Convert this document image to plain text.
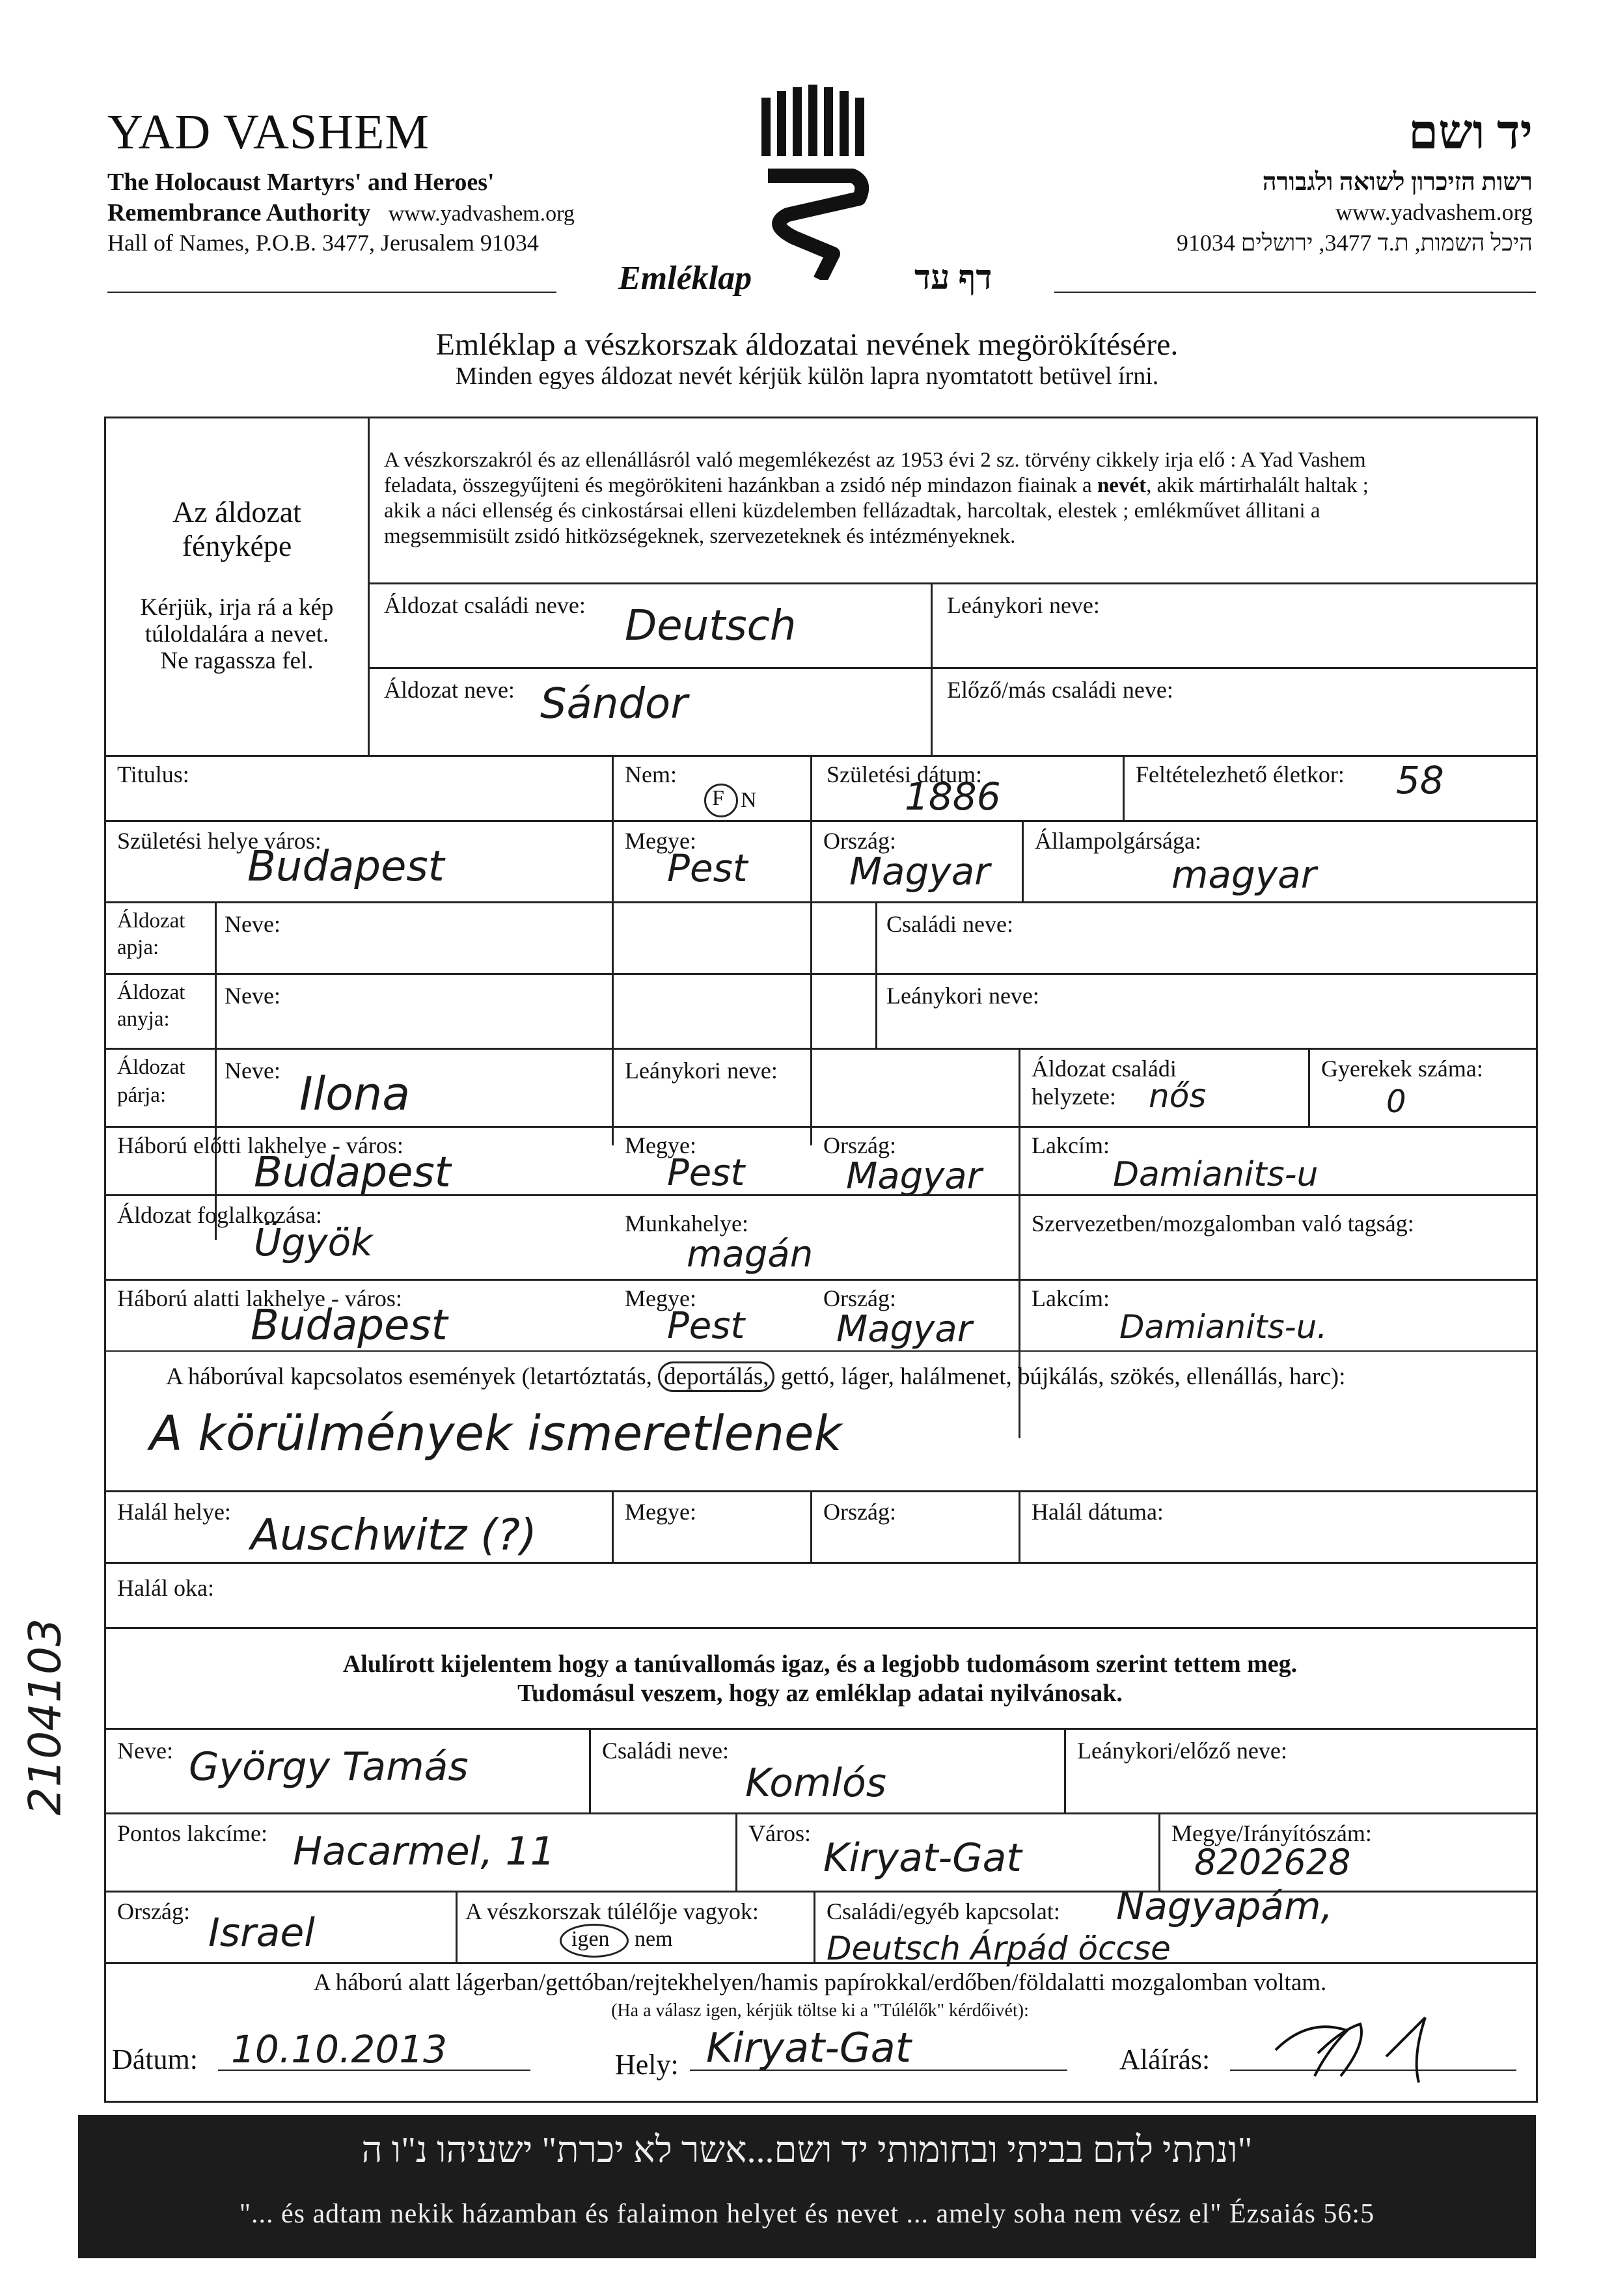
YAD VASHEM
The Holocaust Martyrs' and Heroes'
Remembrance Authority www.yadvashem.org
Hall of Names, P.O.B. 3477, Jerusalem 91034
יד ושם
רשות הזיכרון לשואה ולגבורה
www.yadvashem.org
היכל השמות, ת.ד 3477, ירושלים 91034
Emléklap	דף עד
Emléklap a vészkorszak áldozatai nevének megörökítésére.
Minden egyes áldozat nevét kérjük külön lapra nyomtatott betüvel írni.
Az áldozat
fényképe
Kérjük, irja rá a kép
túloldalára a nevet.
Ne ragassza fel.
A vészkorszakról és az ellenállásról való megemlékezést az 1953 évi 2 sz. törvény cikkely irja elő : A Yad Vashem
feladata, összegyűjteni és megörökiteni hazánkban a zsidó nép mindazon fiainak a nevét, akik mártirhalált haltak ;
akik a náci ellenség és cinkostársai elleni küzdelemben fellázadtak, harcoltak, elestek ; emlékművet állitani a
megsemmisült zsidó hitközségeknek, szervezeteknek és intézményeknek.
Áldozat családi neve: Deutsch	Leánykori neve:
Áldozat neve: Sándor	Előző/más családi neve:
Titulus:	Nem:
F N
Születési dátum:
1886	Feltételezhető életkor: 58
Születési helye város:
Budapest
Megye:
Pest
Ország:
Magyar
Állampolgársága:
magyar
Áldozat
apja:
Neve:	Családi neve:
Áldozat
anyja:
Neve:	Leánykori neve:
Áldozat
párja:
Neve: Ilona	Leánykori neve:	Áldozat családi
helyzete: nős
Gyerekek száma:
0
Háború előtti lakhelye - város:
Budapest
Megye:
Pest
Ország:
Magyar
Lakcím:
Damianits-u
Áldozat foglalkozása:
Ügyök	Munkahelye:
magán
Szervezetben/mozgalomban való tagság:
Háború alatti lakhelye - város:
Budapest
Megye:
Pest
Ország:
Magyar
Lakcím:
Damianits-u.
A háborúval kapcsolatos események (letartóztatás, deportálás, gettó, láger, halálmenet, bújkálás, szökés, ellenállás, harc):
A körülmények ismeretlenek
Halál helye: Auschwitz (?)	Megye:	Ország:	Halál dátuma:
Halál oka:
Alulírott kijelentem hogy a tanúvallomás igaz, és a legjobb tudomásom szerint tettem meg.
Tudomásul veszem, hogy az emléklap adatai nyilvánosak.
Neve: György Tamás	Családi neve:
Komlós
Leánykori/előző neve:
Pontos lakcíme: Hacarmel, 11	Város:
Kiryat-Gat
Megye/Irányítószám:
8202628
Ország: Israel	A vészkorszak túlélője vagyok:
igen nem
Családi/egyéb kapcsolat: Nagyapám,
Deutsch Árpád öccse
A háború alatt lágerban/gettóban/rejtekhelyen/hamis papírokkal/erdőben/földalatti mozgalomban voltam.
(Ha a válasz igen, kérjük töltse ki a "Túlélők" kérdőivét):
Dátum: 10.10.2013	Hely: Kiryat-Gat	Aláírás:
2104103
"ונתתי להם בביתי ובחומותי יד ושם...אשר לא יכרת" ישעיהו נ"ו ה
"... és adtam nekik házamban és falaimon helyet és nevet ... amely soha nem vész el" Ézsaiás 56:5
